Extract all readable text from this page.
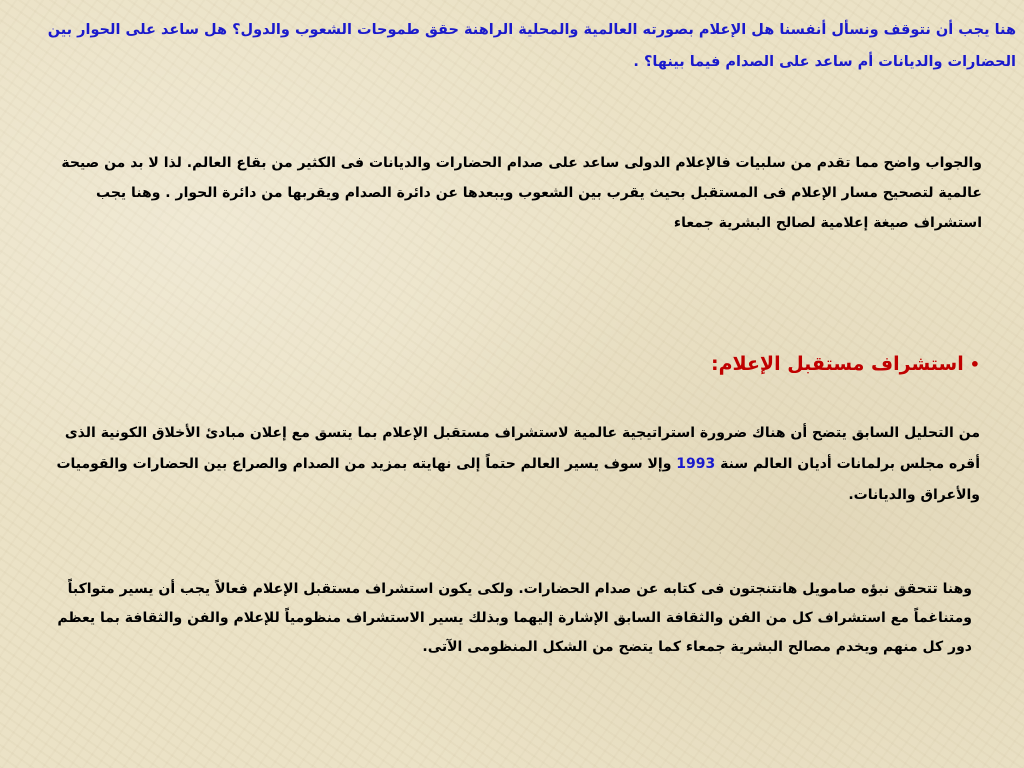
هنا يجب أن نتوقف ونسأل أنفسنا هل الإعلام بصورته العالمية والمحلية الراهنة حقق طموحات الشعوب والدول؟ هل ساعد على الحوار بين الحضارات والديانات أم ساعد على الصدام فيما بينها؟ .

والجواب واضح مما تقدم من سلبيات فالإعلام الدولى ساعد على صدام الحضارات والديانات فى الكثير من بقاع العالم. لذا لا بد من صيحة عالمية لتصحيح مسار الإعلام فى المستقبل بحيث يقرب بين الشعوب ويبعدها عن دائرة الصدام ويقربها من دائرة الحوار . وهنا يجب استشراف صيغة إعلامية لصالح البشرية جمعاء

•استشراف مستقبل الإعلام:

من التحليل السابق يتضح أن هناك ضرورة استراتيجية عالمية لاستشراف مستقبل الإعلام بما يتسق مع إعلان مبادئ الأخلاق الكونية الذى أقره مجلس برلمانات أديان العالم سنة 1993 وإلا سوف يسير العالم حتماً إلى نهايته بمزيد من الصدام والصراع بين الحضارات والقوميات والأعراق والديانات.

وهنا تتحقق نبؤه صامويل هانتنجتون فى كتابه عن صدام الحضارات. ولكى يكون استشراف مستقبل الإعلام فعالاً يجب أن يسير متواكباً ومتناغماً مع استشراف كل من الفن والثقافة السابق الإشارة إليهما وبذلك يسير الاستشراف منظومياً للإعلام والفن والثقافة بما يعظم دور كل منهم ويخدم مصالح البشرية جمعاء كما يتضح من الشكل المنظومى الآتى.
